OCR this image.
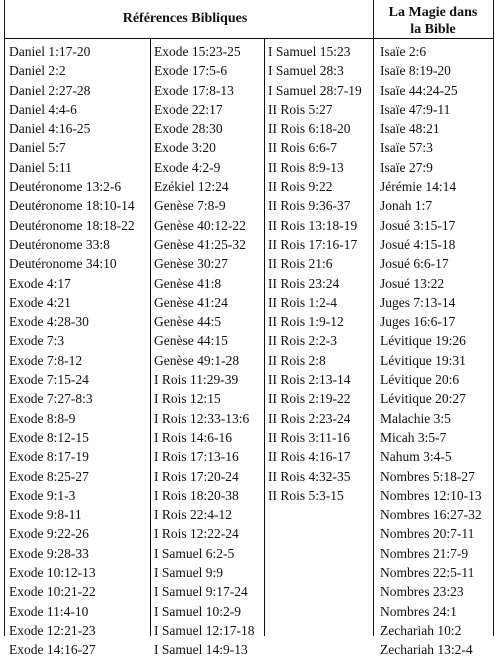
Références Bibliques	La Magie dans
la Bible
Daniel 1:17-20
Daniel 2:2
Daniel 2:27-28
Daniel 4:4-6
Daniel 4:16-25
Daniel 5:7
Daniel 5:11
Deutéronome 13:2-6
Deutéronome 18:10-14
Deutéronome 18:18-22
Deutéronome 33:8
Deutéronome 34:10
Exode 4:17
Exode 4:21
Exode 4:28-30
Exode 7:3
Exode 7:8-12
Exode 7:15-24
Exode 7:27-8:3
Exode 8:8-9
Exode 8:12-15
Exode 8:17-19
Exode 8:25-27
Exode 9:1-3
Exode 9:8-11
Exode 9:22-26
Exode 9:28-33
Exode 10:12-13
Exode 10:21-22
Exode 11:4-10
Exode 12:21-23
Exode 14:16-27
Exode 15:23-25
Exode 17:5-6
Exode 17:8-13
Exode 22:17
Exode 28:30
Exode 3:20
Exode 4:2-9
Ezékiel 12:24
Genèse 7:8-9
Genèse 40:12-22
Genèse 41:25-32
Genèse 30:27
Genèse 41:8
Genèse 41:24
Genèse 44:5
Genèse 44:15
Genèse 49:1-28
I Rois 11:29-39
I Rois 12:15
I Rois 12:33-13:6
I Rois 14:6-16
I Rois 17:13-16
I Rois 17:20-24
I Rois 18:20-38
I Rois 22:4-12
I Rois 12:22-24
I Samuel 6:2-5
I Samuel 9:9
I Samuel 9:17-24
I Samuel 10:2-9
I Samuel 12:17-18
I Samuel 14:9-13
I Samuel 15:23
I Samuel 28:3
I Samuel 28:7-19
II Rois 5:27
II Rois 6:18-20
II Rois 6:6-7
II Rois 8:9-13
II Rois 9:22
II Rois 9:36-37
II Rois 13:18-19
II Rois 17:16-17
II Rois 21:6
II Rois 23:24
II Rois 1:2-4
II Rois 1:9-12
II Rois 2:2-3
II Rois 2:8
II Rois 2:13-14
II Rois 2:19-22
II Rois 2:23-24
II Rois 3:11-16
II Rois 4:16-17
II Rois 4:32-35
II Rois 5:3-15
Isaïe 2:6
Isaïe 8:19-20
Isaïe 44:24-25
Isaïe 47:9-11
Isaïe 48:21
Isaïe 57:3
Isaïe 27:9
Jérémie 14:14
Jonah 1:7
Josué 3:15-17
Josué 4:15-18
Josué 6:6-17
Josué 13:22
Juges 7:13-14
Juges 16:6-17
Lévitique 19:26
Lévitique 19:31
Lévitique 20:6
Lévitique 20:27
Malachie 3:5
Micah 3:5-7
Nahum 3:4-5
Nombres 5:18-27
Nombres 12:10-13
Nombres 16:27-32
Nombres 20:7-11
Nombres 21:7-9
Nombres 22:5-11
Nombres 23:23
Nombres 24:1
Zechariah 10:2
Zechariah 13:2-4
